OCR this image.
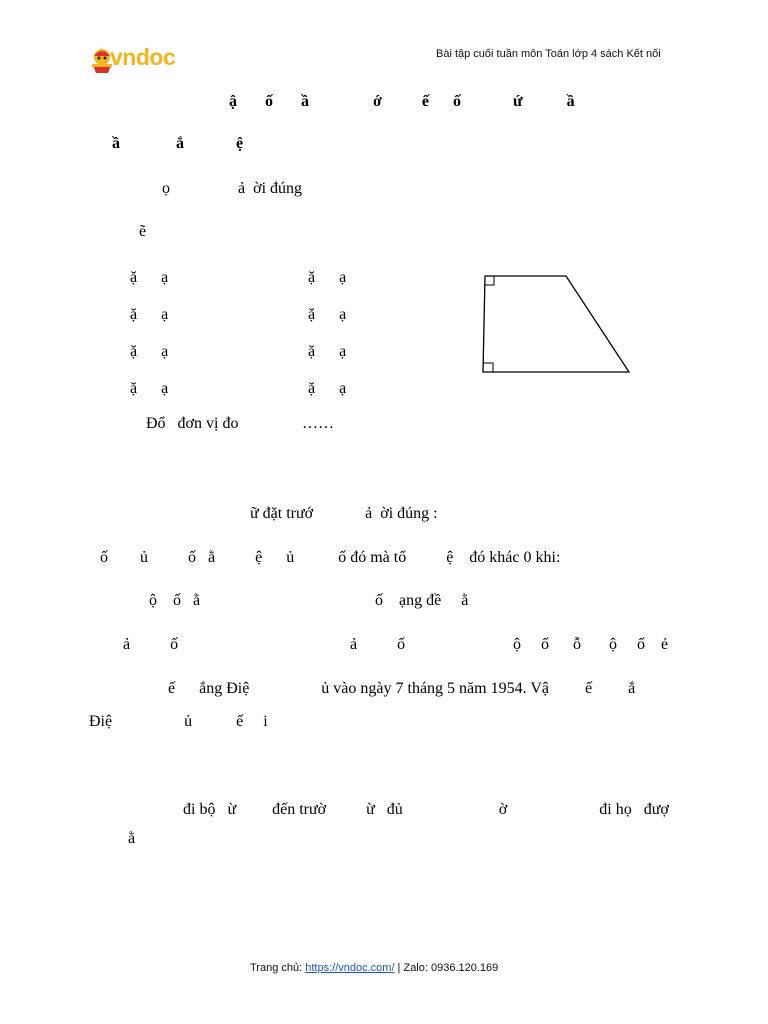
vndoc	Bài tập cuối tuần môn Toán lớp 4 sách Kết nối
ậ       ố       ầ                ớ          ế      ố             ứ           ầ
ầ              ắ             ệ
ọ                 ả  ời đúng
ẽ
ặ      ạ	ặ      ạ
ặ      ạ	ặ      ạ
ặ      ạ	ặ      ạ
ặ      ạ	ặ      ạ
Đổ   đơn vị đo	……
ữ đặt trướ             ả  ời đúng :
ố        ủ          ố   ằ          ệ      ủ           ố đó mà tổ          ệ    đó khác 0 khi:
ộ    ố   ằ	ố    ạng đề     ằ
ả          ố	ả          ố	ộ     ố      ỗ       ộ     ố    ẻ
ế      ắng Điệ                  ủ vào ngày 7 tháng 5 năm 1954. Vậ         ế         ắ
Điệ                  ủ           ế     i
đi bộ   ừ         đến trườ          ừ   đủ                        ờ                       đi họ   đượ
ằ
Trang chủ: https://vndoc.com/ | Zalo: 0936.120.169
